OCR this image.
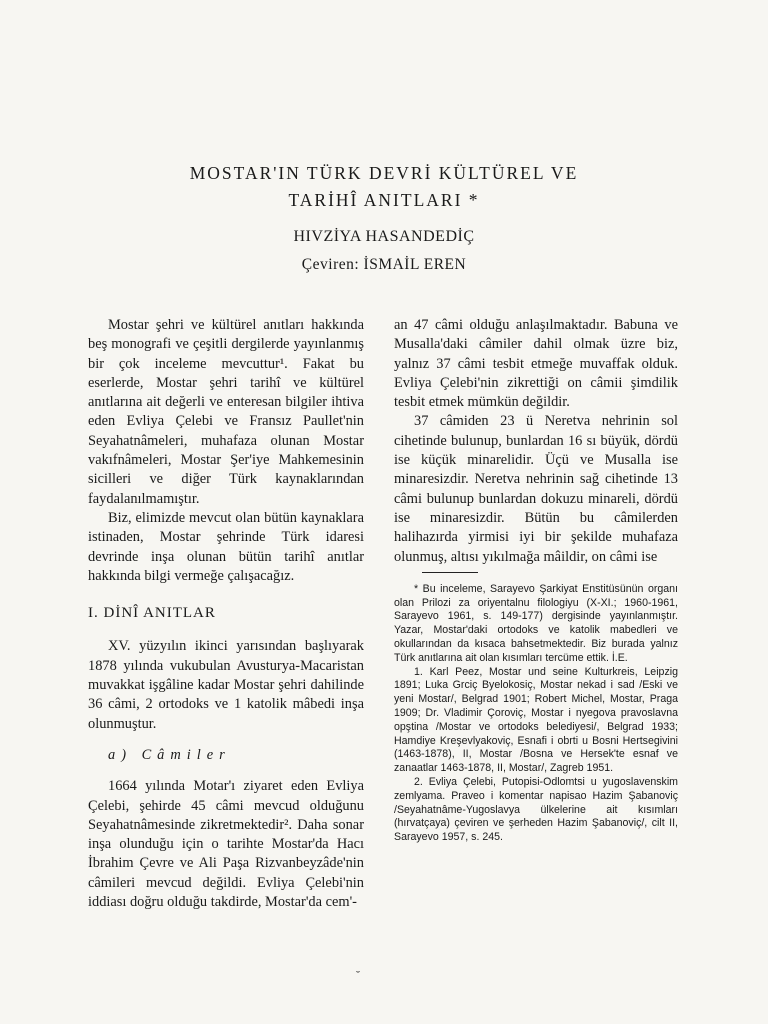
MOSTAR'IN TÜRK DEVRİ KÜLTÜREL VE
TARİHÎ ANITLARI *
HIVZİYA HASANDEDİÇ
Çeviren: İSMAİL EREN

Mostar şehri ve kültürel anıtları hakkında beş monografi ve çeşitli dergilerde yayınlanmış bir çok inceleme mevcuttur¹. Fakat bu eserlerde, Mostar şehri tarihî ve kültürel anıtlarına ait değerli ve enteresan bilgiler ihtiva eden Evliya Çelebi ve Fransız Paullet'nin Seyahatnâmeleri, muhafaza olunan Mostar vakıfnâmeleri, Mostar Şer'iye Mahkemesinin sicilleri ve diğer Türk kaynaklarından faydalanılmamıştır.

Biz, elimizde mevcut olan bütün kaynaklara istinaden, Mostar şehrinde Türk idaresi devrinde inşa olunan bütün tarihî anıtlar hakkında bilgi vermeğe çalışacağız.

I. DİNÎ ANITLAR

XV. yüzyılın ikinci yarısından başlıyarak 1878 yılında vukubulan Avusturya-Macaristan muvakkat işgâline kadar Mostar şehri dahilinde 36 câmi, 2 ortodoks ve 1 katolik mâbedi inşa olunmuştur.

a) Câmiler

1664 yılında Motar'ı ziyaret eden Evliya Çelebi, şehirde 45 câmi mevcud olduğunu Seyahatnâmesinde zikretmektedir². Daha sonar inşa olunduğu için o tarihte Mostar'da Hacı İbrahim Çevre ve Ali Paşa Rizvanbeyzâde'nin câmileri mevcud değildi. Evliya Çelebi'nin iddiası doğru olduğu takdirde, Mostar'da cem'-

an 47 câmi olduğu anlaşılmaktadır. Babuna ve Musalla'daki câmiler dahil olmak üzre biz, yalnız 37 câmi tesbit etmeğe muvaffak olduk. Evliya Çelebi'nin zikrettiği on câmii şimdilik tesbit etmek mümkün değildir.

37 câmiden 23 ü Neretva nehrinin sol cihetinde bulunup, bunlardan 16 sı büyük, dördü ise küçük minarelidir. Üçü ve Musalla ise minaresizdir. Neretva nehrinin sağ cihetinde 13 câmi bulunup bunlardan dokuzu minareli, dördü ise minaresizdir. Bütün bu câmilerden halihazırda yirmisi iyi bir şekilde muhafaza olunmuş, altısı yıkılmağa mâildir, on câmi ise

* Bu inceleme, Sarayevo Şarkiyat Enstitüsünün organı olan Prilozi za oriyentalnu filologiyu (X-XI.; 1960-1961, Sarayevo 1961, s. 149-177) dergisinde yayınlanmıştır. Yazar, Mostar'daki ortodoks ve katolik mabedleri ve okullarından da kısaca bahsetmektedir. Biz burada yalnız Türk anıtlarına ait olan kısımları tercüme ettik. İ.E.

1. Karl Peez, Mostar und seine Kulturkreis, Leipzig 1891; Luka Grciç Byelokosiç, Mostar nekad i sad /Eski ve yeni Mostar/, Belgrad 1901; Robert Michel, Mostar, Praga 1909; Dr. Vladimir Çoroviç, Mostar i nyegova pravoslavna opştina /Mostar ve ortodoks belediyesi/, Belgrad 1933; Hamdiye Kreşevlyakoviç, Esnafi i obrti u Bosni Hertsegivini (1463-1878), II, Mostar /Bosna ve Hersek'te esnaf ve zanaatlar 1463-1878, II, Mostar/, Zagreb 1951.

2. Evliya Çelebi, Putopisi-Odlomtsi u yugoslavenskim zemlyama. Praveo i komentar napisao Hazim Şabanoviç /Seyahatnâme-Yugoslavya ülkelerine ait kısımları (hırvatçaya) çeviren ve şerheden Hazim Şabanoviç/, cilt II, Sarayevo 1957, s. 245.

˘
